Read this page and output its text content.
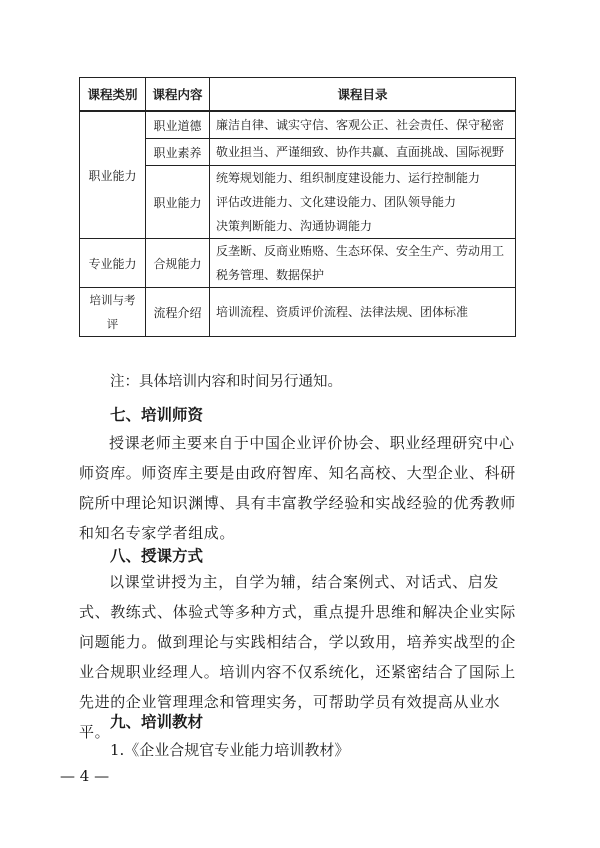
课程类别	课程内容	课程目录
职业能力	职业道德	廉洁自律、诚实守信、客观公正、社会责任、保守秘密

	职业素养	敬业担当、严谨细致、协作共赢、直面挑战、国际视野

	职业能力	统筹规划能力、组织制度建设能力、运行控制能力
评估改进能力、文化建设能力、团队领导能力
决策判断能力、沟通协调能力

专业能力	合规能力	反垄断、反商业贿赂、生态环保、安全生产、劳动用工
税务管理、数据保护

培训与考评	流程介绍	培训流程、资质评价流程、法律法规、团体标准
注：具体培训内容和时间另行通知。
七、培训师资

授课老师主要来自于中国企业评价协会、职业经理研究中心师资库。师资库主要是由政府智库、知名高校、大型企业、科研院所中理论知识渊博、具有丰富教学经验和实战经验的优秀教师和知名专家学者组成。

八、授课方式

以课堂讲授为主，自学为辅，结合案例式、对话式、启发式、教练式、体验式等多种方式，重点提升思维和解决企业实际问题能力。做到理论与实践相结合，学以致用，培养实战型的企业合规职业经理人。培训内容不仅系统化，还紧密结合了国际上先进的企业管理理念和管理实务，可帮助学员有效提高从业水平。

九、培训教材
1.《企业合规官专业能力培训教材》
— 4 —
